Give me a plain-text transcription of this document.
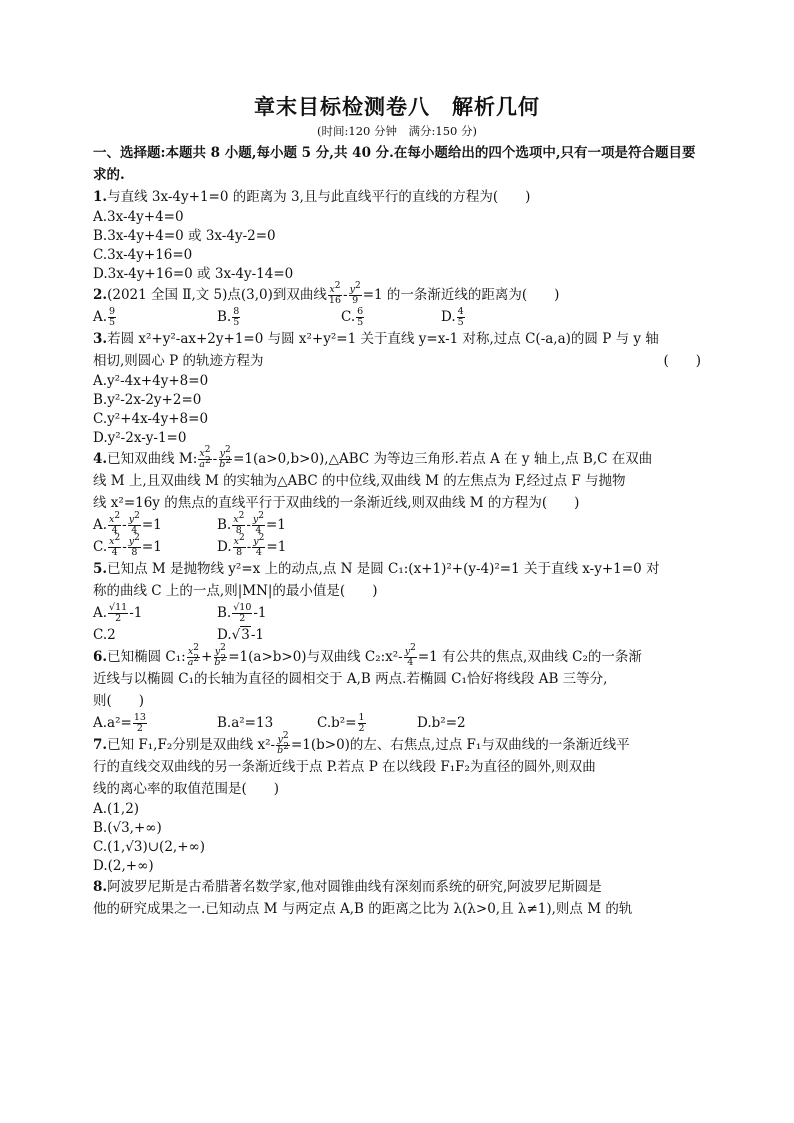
章末目标检测卷八　解析几何

(时间:120 分钟　满分:150 分)

一、选择题:本题共 8 小题,每小题 5 分,共 40 分.在每小题给出的四个选项中,只有一项是符合题目要求的.

1.与直线 3x-4y+1=0 的距离为 3,且与此直线平行的直线的方程为(　　)

A.3x-4y+4=0

B.3x-4y+4=0 或 3x-4y-2=0

C.3x-4y+16=0

D.3x-4y+16=0 或 3x-4y-14=0

2.(2021 全国 Ⅱ,文 5)点(3,0)到双曲线 $\frac{x^2}{16} - \frac{y^2}{9} =1$ 的一条渐近线的距离为(　　)

A. $\frac{9}{5}$	B. $\frac{8}{5}$	C. $\frac{6}{5}$	D. $\frac{4}{5}$

3.若圆 x²+y²-ax+2y+1=0 与圆 x²+y²=1 关于直线 y=x-1 对称,过点 C(-a,a)的圆 P 与 y 轴

相切,则圆心 P 的轨迹方程为	(　　)

A.y²-4x+4y+8=0

B.y²-2x-2y+2=0

C.y²+4x-4y+8=0

D.y²-2x-y-1=0

4.已知双曲线 M: $\frac{x^2}{a^2} - \frac{y^2}{b^2}$ =1(a>0,b>0),△ABC 为等边三角形.若点 A 在 y 轴上,点 B,C 在双曲

线 M 上,且双曲线 M 的实轴为△ABC 的中位线,双曲线 M 的左焦点为 F,经过点 F 与抛物

线 x²=16y 的焦点的直线平行于双曲线的一条渐近线,则双曲线 M 的方程为(　　)

A. $\frac{x^2}{4} - \frac{y^2}{4} =1$	B. $\frac{x^2}{8} - \frac{y^2}{4} =1$
C. $\frac{x^2}{4} - \frac{y^2}{8} =1$	D. $\frac{x^2}{8} - \frac{y^2}{4} =1$

5.已知点 M 是抛物线 y²=x 上的动点,点 N 是圆 C₁:(x+1)²+(y-4)²=1 关于直线 x-y+1=0 对

称的曲线 C 上的一点,则|MN|的最小值是(　　)

A. $\frac{√11}{2} -1$	B. $\frac{√10}{2} -1$
C.2	D.√3-1

6.已知椭圆 C₁: $\frac{x^2}{a^2} + \frac{y^2}{b^2} =1(a>b>0)$与双曲线 C₂:x²- $\frac{y^2}{4} =1$ 有公共的焦点,双曲线 C₂的一条渐

近线与以椭圆 C₁的长轴为直径的圆相交于 A,B 两点.若椭圆 C₁恰好将线段 AB 三等分,

则(　　)

$A.a^2= \frac{13}{2}$	B.a²=13	$C.b^2= \frac{1}{2}$	D.b²=2

7.已知 F₁,F₂分别是双曲线 $x^2- \frac{y^2}{b^2} =1(b>0)$的左、右焦点,过点 F₁与双曲线的一条渐近线平

行的直线交双曲线的另一条渐近线于点 P.若点 P 在以线段 F₁F₂为直径的圆外,则双曲

线的离心率的取值范围是(　　)

A.(1,2)

B.(√3,+∞)

C.(1,√3)∪(2,+∞)

D.(2,+∞)

8.阿波罗尼斯是古希腊著名数学家,他对圆锥曲线有深刻而系统的研究,阿波罗尼斯圆是

他的研究成果之一.已知动点 M 与两定点 A,B 的距离之比为 λ(λ>0,且 λ≠1),则点 M 的轨
